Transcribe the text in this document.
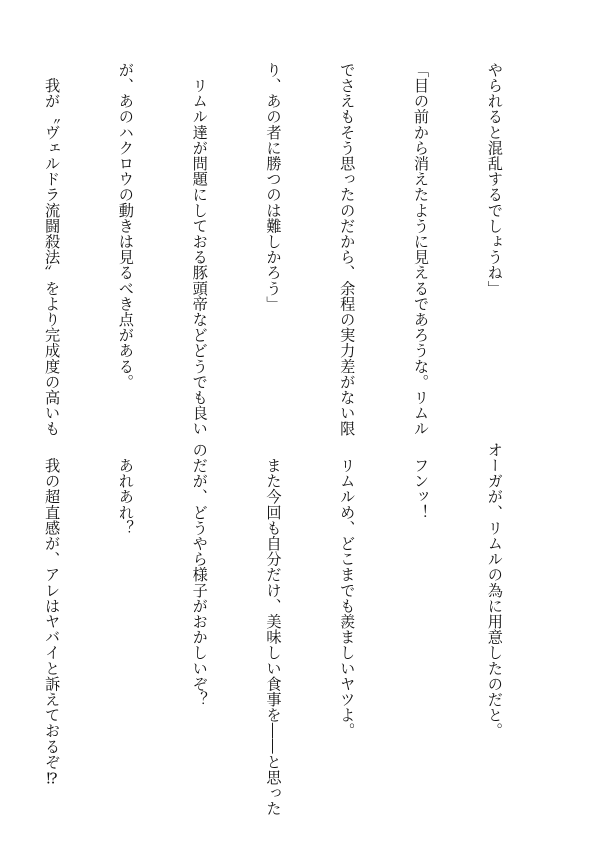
やられると混乱するでしょうね」

「目の前から消えたように見えるであろうな。リムル

でさえもそう思ったのだから、余程の実力差がない限

り、あの者に勝つのは難しかろう」

　リムル達が問題にしておる豚頭帝などどうでも良い

が、あのハクロウの動きは見るべき点がある。

　我が〝ヴェルドラ流闘殺法〟をより完成度の高いも

オーガが、リムルの為に用意したのだと。

　フンッ！

　リムルめ、どこまでも羨ましいヤツよ。

　また今回も自分だけ、美味しい食事を――と思った

のだが、どうやら様子がおかしいぞ？

　あれあれ？

　我の超直感が、アレはヤバイと訴えておるぞ⁉
